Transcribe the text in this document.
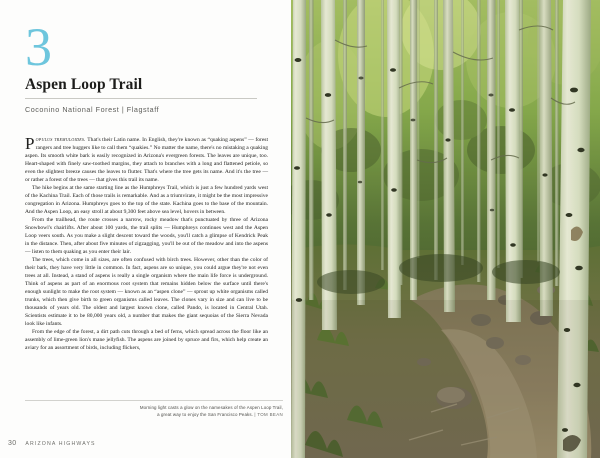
3
Aspen Loop Trail
Coconino National Forest | Flagstaff

Populus tremuloides. That's their Latin name. In English, they're known as “quaking aspens” — forest rangers and tree huggers like to call them “quakies.” No matter the name, there's no mistaking a quaking aspen. Its smooth white bark is easily recognized in Arizona's evergreen forests. The leaves are unique, too. Heart-shaped with finely saw-toothed margins, they attach to branches with a long and flattened petiole, so even the slightest breeze causes the leaves to flutter. That's where the tree gets its name. And it's the tree — or rather a forest of the trees — that gives this trail its name.

The hike begins at the same starting line as the Humphreys Trail, which is just a few hundred yards west of the Kachina Trail. Each of those trails is remarkable. And as a triumvirate, it might be the most impressive congregation in Arizona. Humphreys goes to the top of the state. Kachina goes to the base of the mountain. And the Aspen Loop, an easy stroll at about 9,300 feet above sea level, hovers in between.

From the trailhead, the route crosses a narrow, rocky meadow that's punctuated by three of Arizona Snowbowl's chairlifts. After about 100 yards, the trail splits — Humphreys continues west and the Aspen Loop veers south. As you make a slight descent toward the woods, you'll catch a glimpse of Kendrick Peak in the distance. Then, after about five minutes of zigzagging, you'll be out of the meadow and into the aspens — listen to them quaking as you enter their lair.

The trees, which come in all sizes, are often confused with birch trees. However, other than the color of their bark, they have very little in common. In fact, aspens are so unique, you could argue they're not even trees at all. Instead, a stand of aspens is really a single organism where the main life force is underground. Think of aspens as part of an enormous root system that remains hidden below the surface until there's enough sunlight to make the root system — known as an “aspen clone” — sprout up white organisms called trunks, which then give birth to green organisms called leaves. The clones vary in size and can live to be thousands of years old. The oldest and largest known clone, called Pando, is located in Central Utah. Scientists estimate it to be 80,000 years old, a number that makes the giant sequoias of the Sierra Nevada look like infants.

From the edge of the forest, a dirt path cuts through a bed of ferns, which spread across the floor like an assembly of lime-green lion's mane jellyfish. The aspens are joined by spruce and firs, which help create an aviary for an assortment of birds, including flickers,

Morning light casts a glow on the namesakes of the Aspen Loop Trail,
a great way to enjoy the San Francisco Peaks. | TOM BEAN
30 ARIZONA HIGHWAYS
